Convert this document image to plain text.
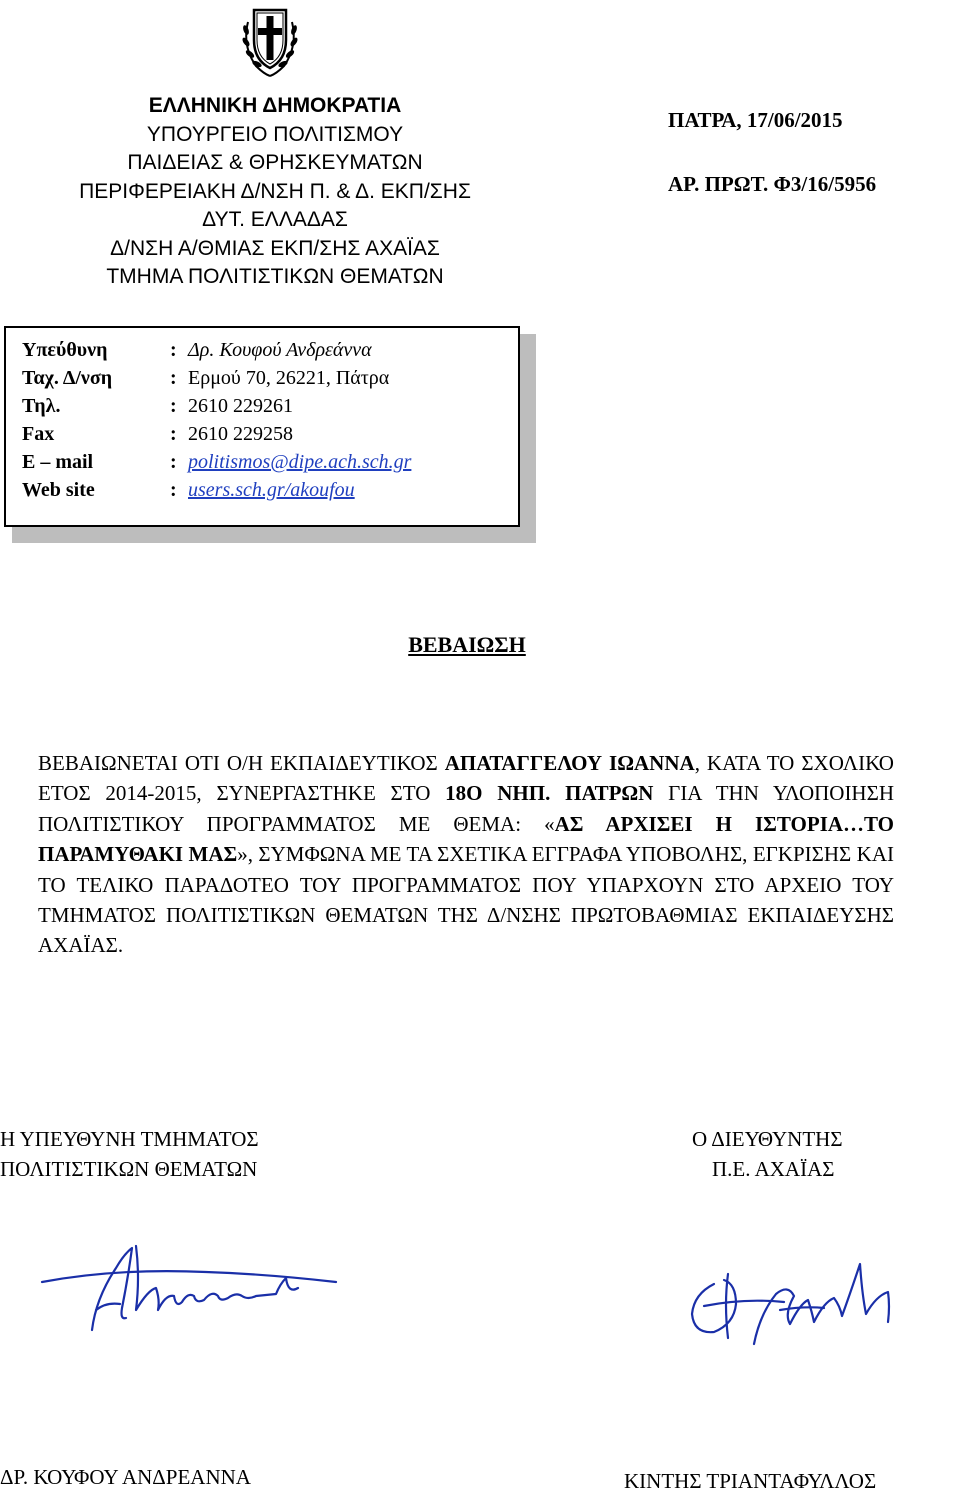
ΕΛΛΗΝΙΚΗ ΔΗΜΟΚΡΑΤΙΑ
ΥΠΟΥΡΓΕΙΟ ΠΟΛΙΤΙΣΜΟΥ
ΠΑΙΔΕΙΑΣ & ΘΡΗΣΚΕΥΜΑΤΩΝ
ΠΕΡΙΦΕΡΕΙΑΚΗ Δ/ΝΣΗ Π. & Δ. ΕΚΠ/ΣΗΣ
ΔΥΤ. ΕΛΛΑΔΑΣ
Δ/ΝΣΗ Α/ΘΜΙΑΣ ΕΚΠ/ΣΗΣ ΑΧΑΪΑΣ
ΤΜΗΜΑ ΠΟΛΙΤΙΣΤΙΚΩΝ ΘΕΜΑΤΩΝ
ΠΑΤΡΑ, 17/06/2015
ΑΡ. ΠΡΩΤ. Φ3/16/5956
Υπεύθυνη	: Δρ. Κουφού Ανδρεάννα
Ταχ. Δ/νση	: Ερμού 70, 26221, Πάτρα
Τηλ.	: 2610 229261
Fax	: 2610 229258
E – mail	: politismos@dipe.ach.sch.gr
Web site	: users.sch.gr/akoufou
ΒΕΒΑΙΩΣΗ
ΒΕΒΑΙΩΝΕΤΑΙ ΟΤΙ Ο/Η ΕΚΠΑΙΔΕΥΤΙΚΟΣ ΑΠΑΤΑΓΓΕΛΟΥ ΙΩΑΝΝΑ, ΚΑΤΑ ΤΟ ΣΧΟΛΙΚΟ ΕΤΟΣ 2014-2015, ΣΥΝΕΡΓΑΣΤΗΚΕ ΣΤΟ 18Ο ΝΗΠ. ΠΑΤΡΩΝ ΓΙΑ ΤΗΝ ΥΛΟΠΟΙΗΣΗ ΠΟΛΙΤΙΣΤΙΚΟΥ ΠΡΟΓΡΑΜΜΑΤΟΣ ΜΕ ΘΕΜΑ: «ΑΣ ΑΡΧΙΣΕΙ Η ΙΣΤΟΡΙΑ…ΤΟ ΠΑΡΑΜΥΘΑΚΙ ΜΑΣ», ΣΥΜΦΩΝΑ ΜΕ ΤΑ ΣΧΕΤΙΚΑ ΕΓΓΡΑΦΑ ΥΠΟΒΟΛΗΣ, ΕΓΚΡΙΣΗΣ ΚΑΙ ΤΟ ΤΕΛΙΚΟ ΠΑΡΑΔΟΤΕΟ ΤΟΥ ΠΡΟΓΡΑΜΜΑΤΟΣ ΠΟΥ ΥΠΑΡΧΟΥΝ ΣΤΟ ΑΡΧΕΙΟ ΤΟΥ ΤΜΗΜΑΤΟΣ ΠΟΛΙΤΙΣΤΙΚΩΝ ΘΕΜΑΤΩΝ ΤΗΣ Δ/ΝΣΗΣ ΠΡΩΤΟΒΑΘΜΙΑΣ ΕΚΠΑΙΔΕΥΣΗΣ ΑΧΑΪΑΣ.
Η ΥΠΕΥΘΥΝΗ ΤΜΗΜΑΤΟΣ
ΠΟΛΙΤΙΣΤΙΚΩΝ ΘΕΜΑΤΩΝ
ΔΡ. ΚΟΥΦΟΥ ΑΝΔΡΕΑΝΝΑ
Ο ΔΙΕΥΘΥΝΤΗΣ
Π.Ε. ΑΧΑΪΑΣ
ΚΙΝΤΗΣ ΤΡΙΑΝΤΑΦΥΛΛΟΣ
